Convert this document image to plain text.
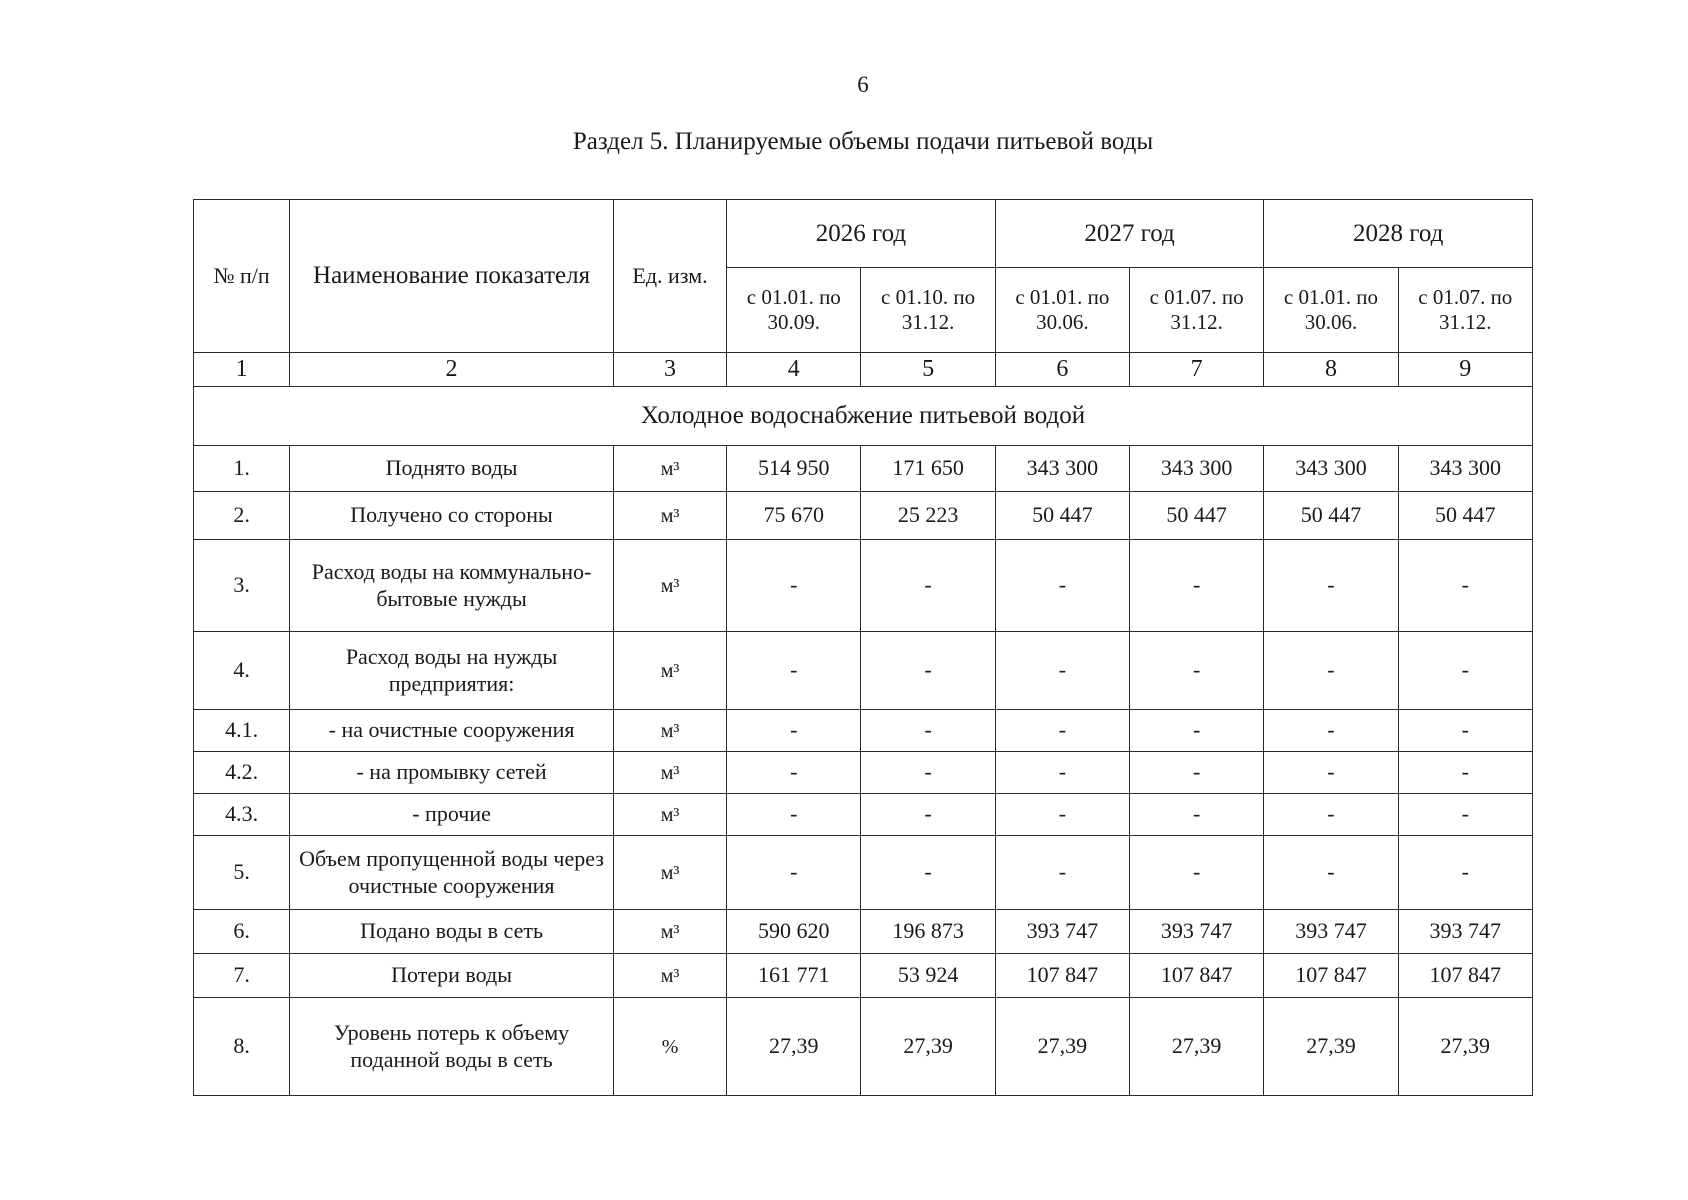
6
Раздел 5. Планируемые объемы подачи питьевой воды
№ п/п	Наименование показателя	Ед. изм.	2026 год		2027 год		2028 год	
			с 01.01. по 30.09.	с 01.10. по 31.12.	с 01.01. по 30.06.	с 01.07. по 31.12.	с 01.01. по 30.06.	с 01.07. по 31.12.
1	2	3	4	5	6	7	8	9
Холодное водоснабжение питьевой водой								
1.	Поднято воды	м³	514 950	171 650	343 300	343 300	343 300	343 300
2.	Получено со стороны	м³	75 670	25 223	50 447	50 447	50 447	50 447
3.	Расход воды на коммунально-бытовые нужды	м³	-	-	-	-	-	-
4.	Расход воды на нужды предприятия:	м³	-	-	-	-	-	-
4.1.	- на очистные сооружения	м³	-	-	-	-	-	-
4.2.	- на промывку сетей	м³	-	-	-	-	-	-
4.3.	- прочие	м³	-	-	-	-	-	-
5.	Объем пропущенной воды через очистные сооружения	м³	-	-	-	-	-	-
6.	Подано воды в сеть	м³	590 620	196 873	393 747	393 747	393 747	393 747
7.	Потери воды	м³	161 771	53 924	107 847	107 847	107 847	107 847
8.	Уровень потерь к объему поданной воды в сеть	%	27,39	27,39	27,39	27,39	27,39	27,39
